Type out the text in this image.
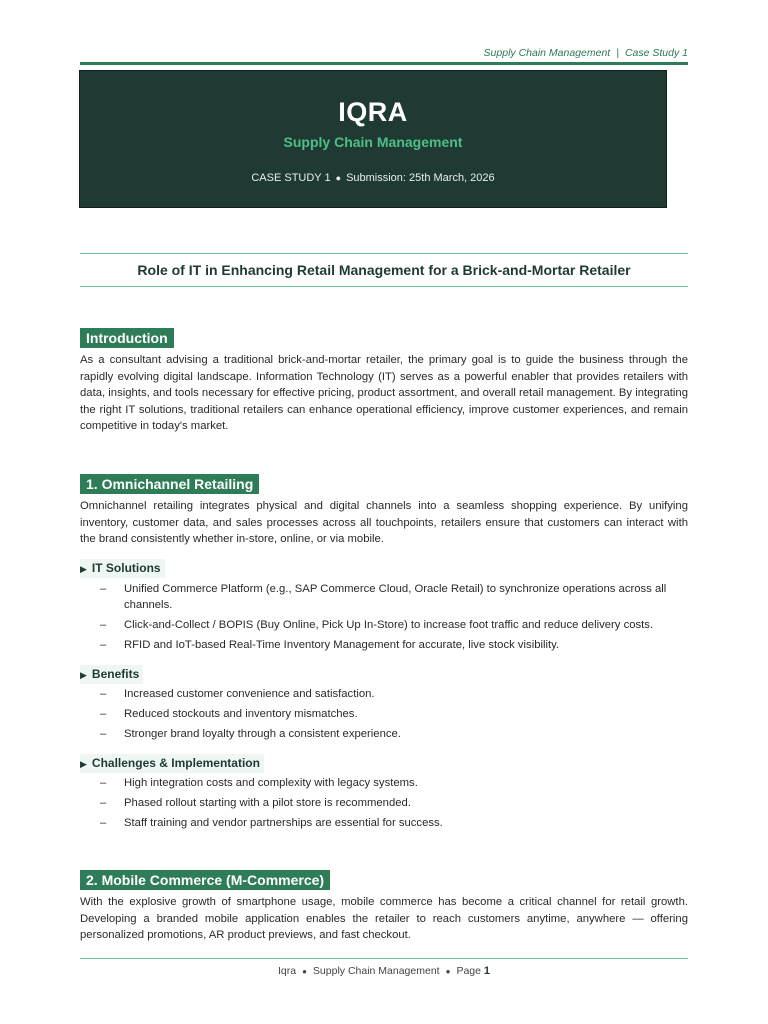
Supply Chain Management | Case Study 1
IQRA
Supply Chain Management
CASE STUDY 1 ● Submission: 25th March, 2026
Role of IT in Enhancing Retail Management for a Brick-and-Mortar Retailer
Introduction

As a consultant advising a traditional brick-and-mortar retailer, the primary goal is to guide the business through the rapidly evolving digital landscape. Information Technology (IT) serves as a powerful enabler that provides retailers with data, insights, and tools necessary for effective pricing, product assortment, and overall retail management. By integrating the right IT solutions, traditional retailers can enhance operational efficiency, improve customer experiences, and remain competitive in today's market.

1. Omnichannel Retailing

Omnichannel retailing integrates physical and digital channels into a seamless shopping experience. By unifying inventory, customer data, and sales processes across all touchpoints, retailers ensure that customers can interact with the brand consistently whether in-store, online, or via mobile.

▶ IT Solutions
– Unified Commerce Platform (e.g., SAP Commerce Cloud, Oracle Retail) to synchronize operations across all channels.
– Click-and-Collect / BOPIS (Buy Online, Pick Up In-Store) to increase foot traffic and reduce delivery costs.
– RFID and IoT-based Real-Time Inventory Management for accurate, live stock visibility.
▶ Benefits
– Increased customer convenience and satisfaction.
– Reduced stockouts and inventory mismatches.
– Stronger brand loyalty through a consistent experience.
▶ Challenges & Implementation
– High integration costs and complexity with legacy systems.
– Phased rollout starting with a pilot store is recommended.
– Staff training and vendor partnerships are essential for success.
2. Mobile Commerce (M-Commerce)

With the explosive growth of smartphone usage, mobile commerce has become a critical channel for retail growth. Developing a branded mobile application enables the retailer to reach customers anytime, anywhere — offering personalized promotions, AR product previews, and fast checkout.

Iqra ● Supply Chain Management ● Page 1
